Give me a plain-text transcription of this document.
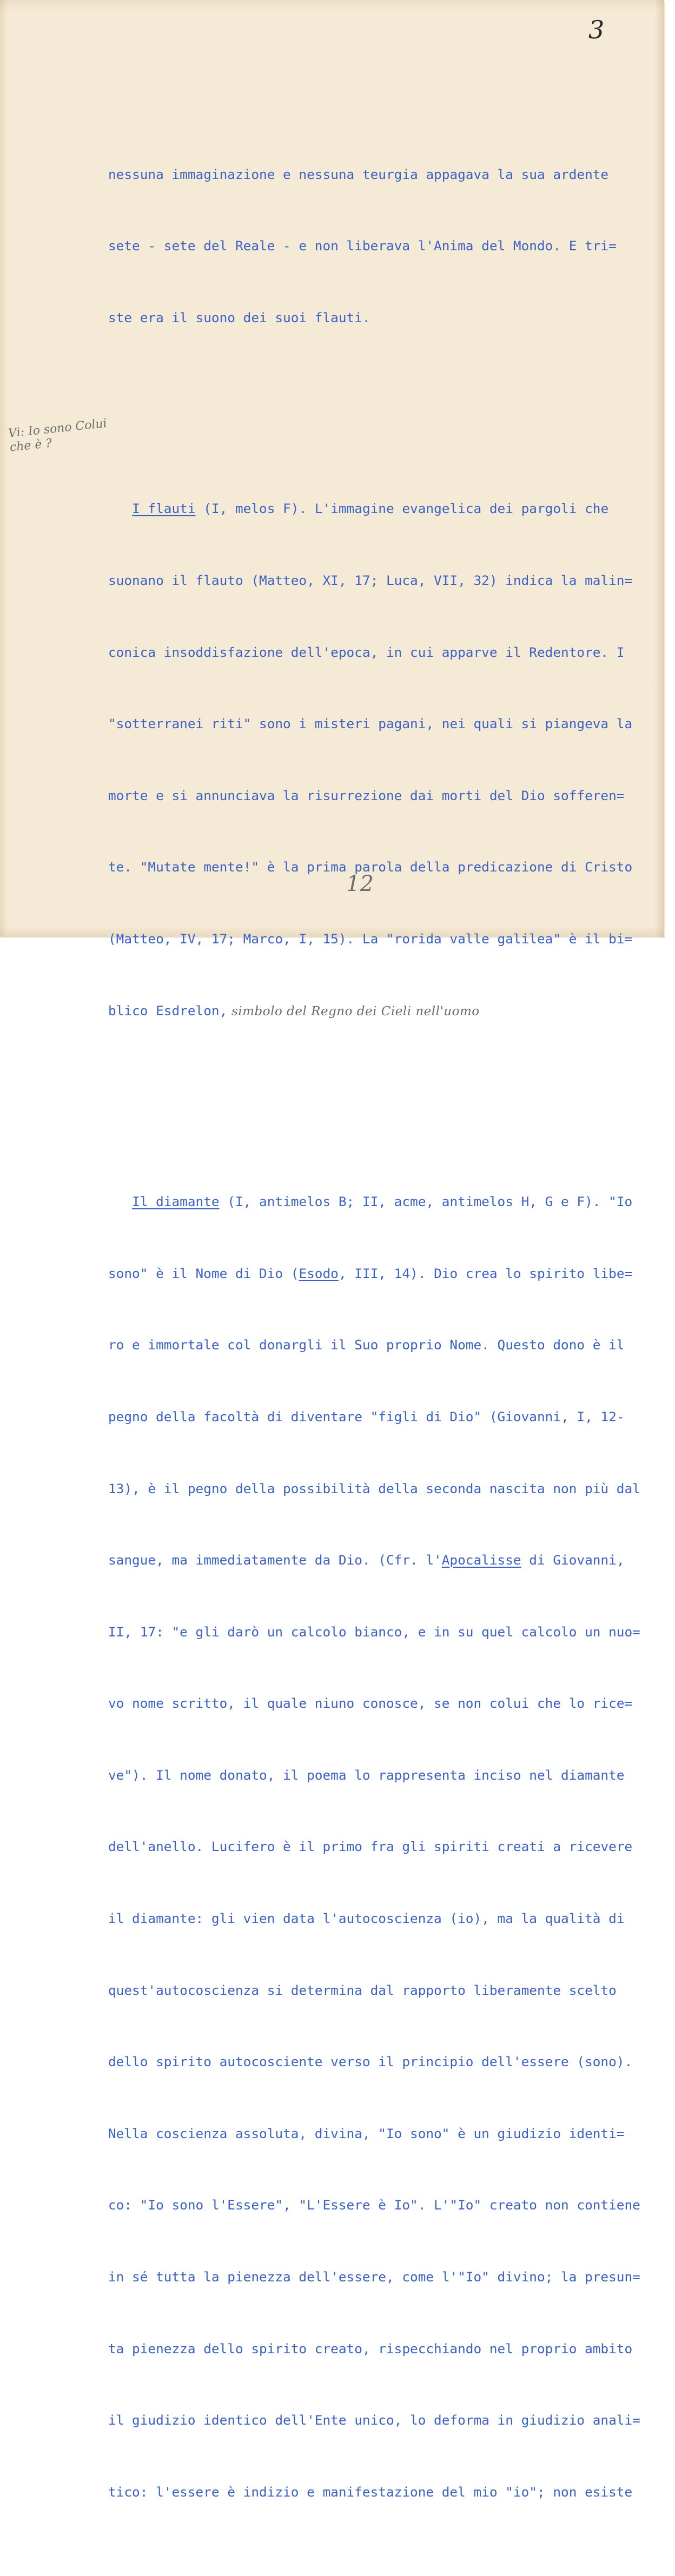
3
Vi: Io sono Colui che è ?

nessuna immaginazione e nessuna teurgia appagava la sua ardente

sete - sete del Reale - e non liberava l'Anima del Mondo. E tri=

ste era il suono dei suoi flauti.

I flauti (I, melos F). L'immagine evangelica dei pargoli che

suonano il flauto (Matteo, XI, 17; Luca, VII, 32) indica la malin=

conica insoddisfazione dell'epoca, in cui apparve il Redentore. I

"sotterranei riti" sono i misteri pagani, nei quali si piangeva la

morte e si annunciava la risurrezione dai morti del Dio sofferen=

te. "Mutate mente!" è la prima parola della predicazione di Cristo

(Matteo, IV, 17; Marco, I, 15). La "rorida valle galilea" è il bi=

blico Esdrelon, simbolo del Regno dei Cieli nell'uomo

Il diamante (I, antimelos B; II, acme, antimelos H, G e F). "Io

sono" è il Nome di Dio (Esodo, III, 14). Dio crea lo spirito libe=

ro e immortale col donargli il Suo proprio Nome. Questo dono è il

pegno della facoltà di diventare "figli di Dio" (Giovanni, I, 12-

13), è il pegno della possibilità della seconda nascita non più dal

sangue, ma immediatamente da Dio. (Cfr. l'Apocalisse di Giovanni,

II, 17: "e gli darò un calcolo bianco, e in su quel calcolo un nuo=

vo nome scritto, il quale niuno conosce, se non colui che lo rice=

ve"). Il nome donato, il poema lo rappresenta inciso nel diamante

dell'anello. Lucifero è il primo fra gli spiriti creati a ricevere

il diamante: gli vien data l'autocoscienza (io), ma la qualità di

quest'autocoscienza si determina dal rapporto liberamente scelto

dello spirito autocosciente verso il principio dell'essere (sono).

Nella coscienza assoluta, divina, "Io sono" è un giudizio identi=

co: "Io sono l'Essere", "L'Essere è Io". L'"Io" creato non contiene

in sé tutta la pienezza dell'essere, come l'"Io" divino; la presun=

ta pienezza dello spirito creato, rispecchiando nel proprio ambito

il giudizio identico dell'Ente unico, lo deforma in giudizio anali=

tico: l'essere è indizio e manifestazione del mio "io"; non esiste

12
